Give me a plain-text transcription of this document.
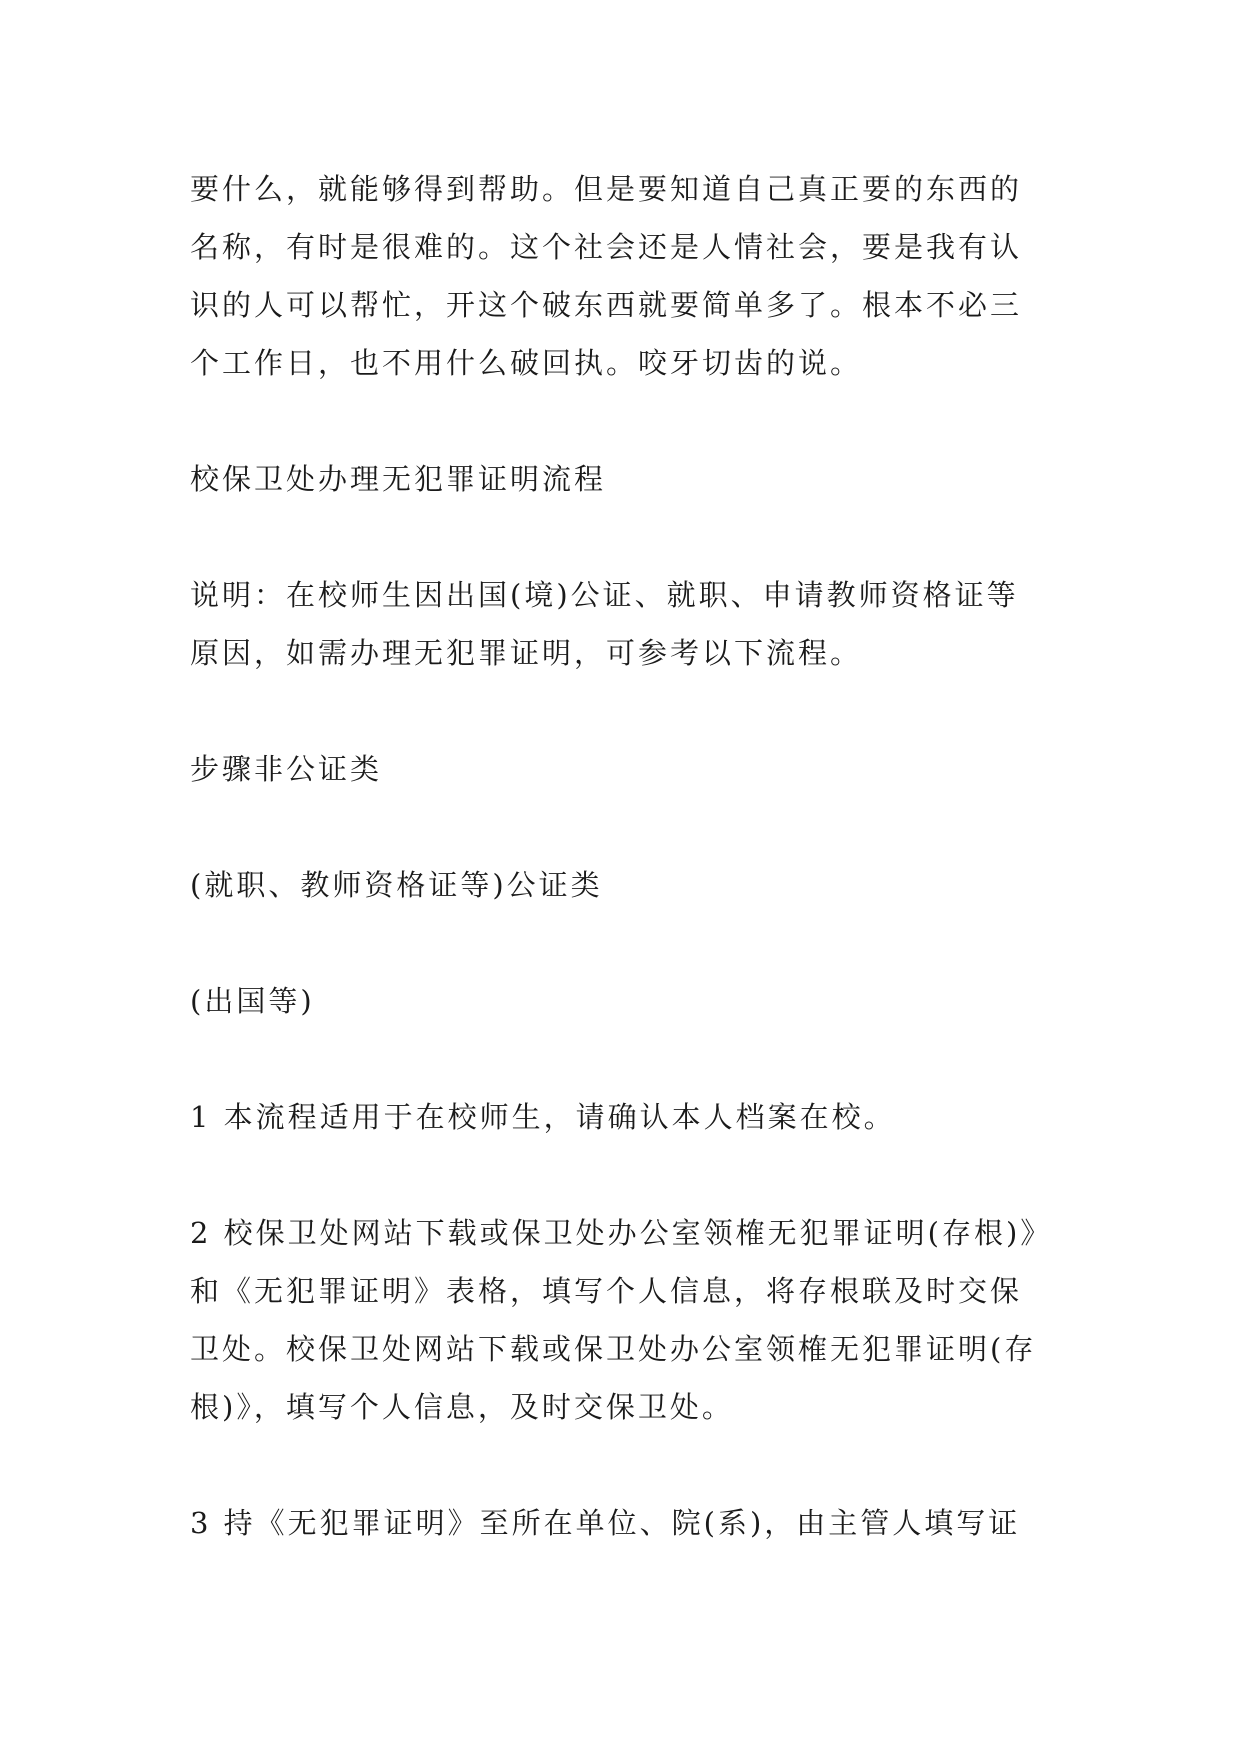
要什么，就能够得到帮助。但是要知道自己真正要的东西的
名称，有时是很难的。这个社会还是人情社会，要是我有认
识的人可以帮忙，开这个破东西就要简单多了。根本不必三
个工作日，也不用什么破回执。咬牙切齿的说。

校保卫处办理无犯罪证明流程

说明：在校师生因出国(境)公证、就职、申请教师资格证等
原因，如需办理无犯罪证明，可参考以下流程。

步骤非公证类

(就职、教师资格证等)公证类

(出国等)

1 本流程适用于在校师生，请确认本人档案在校。

2 校保卫处网站下载或保卫处办公室领榷无犯罪证明(存根)》
和《无犯罪证明》表格，填写个人信息，将存根联及时交保
卫处。校保卫处网站下载或保卫处办公室领榷无犯罪证明(存
根)》，填写个人信息，及时交保卫处。

3 持《无犯罪证明》至所在单位、院(系)，由主管人填写证
